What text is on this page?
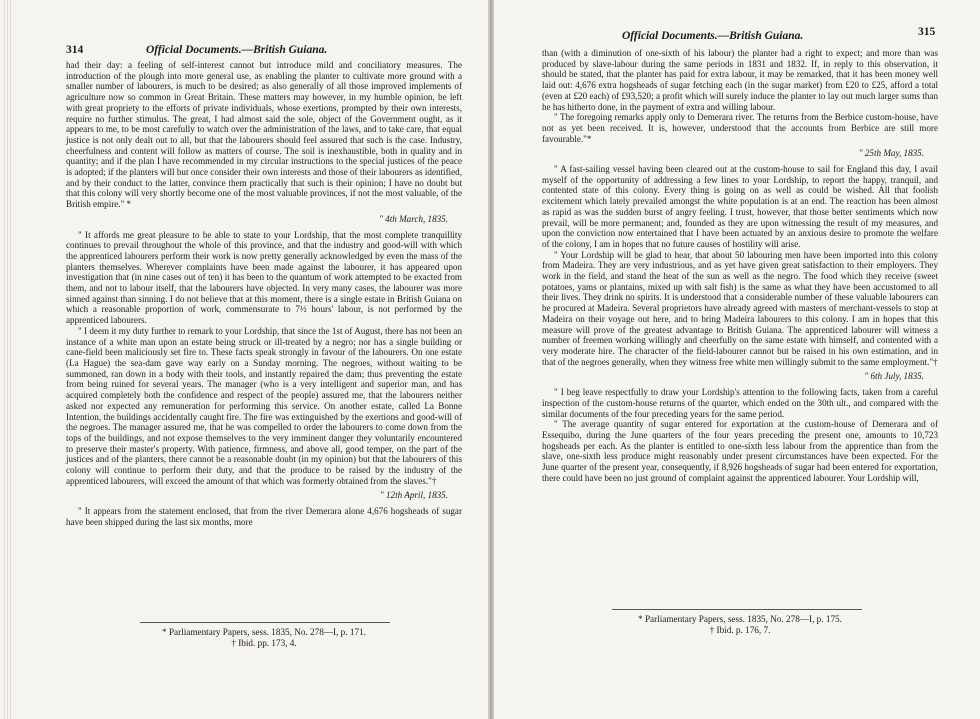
314	Official Documents.—British Guiana.

had their day: a feeling of self-interest cannot but introduce mild and conciliatory measures. The introduction of the plough into more general use, as enabling the planter to cultivate more ground with a smaller number of labourers, is much to be desired; as also generally of all those improved implements of agriculture now so common in Great Britain. These matters may however, in my humble opinion, be left with great propriety to the efforts of private individuals, whose exertions, prompted by their own interests, require no further stimulus. The great, I had almost said the sole, object of the Government ought, as it appears to me, to be most carefully to watch over the administration of the laws, and to take care, that equal justice is not only dealt out to all, but that the labourers should feel assured that such is the case. Industry, cheerfulness and content will follow as matters of course. The soil is inexhaustible, both in quality and in quantity; and if the plan I have recommended in my circular instructions to the special justices of the peace is adopted; if the planters will but once consider their own interests and those of their labourers as identified, and by their conduct to the latter, convince them practically that such is their opinion; I have no doubt but that this colony will very shortly become one of the most valuable provinces, if not the most valuable, of the British empire." *

" 4th March, 1835.

" It affords me great pleasure to be able to state to your Lordship, that the most complete tranquillity continues to prevail throughout the whole of this province, and that the industry and good-will with which the apprenticed labourers perform their work is now pretty generally acknowledged by even the mass of the planters themselves. Wherever complaints have been made against the labourer, it has appeared upon investigation that (in nine cases out of ten) it has been to the quantum of work attempted to be exacted from them, and not to labour itself, that the labourers have objected. In very many cases, the labourer was more sinned against than sinning. I do not believe that at this moment, there is a single estate in British Guiana on which a reasonable proportion of work, commensurate to 7½ hours' labour, is not performed by the apprenticed labourers.

" I deem it my duty further to remark to your Lordship, that since the 1st of August, there has not been an instance of a white man upon an estate being struck or ill-treated by a negro; nor has a single building or cane-field been maliciously set fire to. These facts speak strongly in favour of the labourers. On one estate (La Hague) the sea-dam gave way early on a Sunday morning. The negroes, without waiting to be summoned, ran down in a body with their tools, and instantly repaired the dam; thus preventing the estate from being ruined for several years. The manager (who is a very intelligent and superior man, and has acquired completely both the confidence and respect of the people) assured me, that the labourers neither asked nor expected any remuneration for performing this service. On another estate, called La Bonne Intention, the buildings accidentally caught fire. The fire was extinguished by the exertions and good-will of the negroes. The manager assured me, that he was compelled to order the labourers to come down from the tops of the buildings, and not expose themselves to the very imminent danger they voluntarily encountered to preserve their master's property. With patience, firmness, and above all, good temper, on the part of the justices and of the planters, there cannot be a reasonable doubt (in my opinion) but that the labourers of this colony will continue to perform their duty, and that the produce to be raised by the industry of the apprenticed labourers, will exceed the amount of that which was formerly obtained from the slaves."†

" 12th April, 1835.

" It appears from the statement enclosed, that from the river Demerara alone 4,676 hogsheads of sugar have been shipped during the last six months, more

* Parliamentary Papers, sess. 1835, No. 278—I, p. 171.
† Ibid. pp. 173, 4.
Official Documents.—British Guiana.	315

than (with a diminution of one-sixth of his labour) the planter had a right to expect; and more than was produced by slave-labour during the same periods in 1831 and 1832. If, in reply to this observation, it should be stated, that the planter has paid for extra labour, it may be remarked, that it has been money well laid out: 4,676 extra hogsheads of sugar fetching each (in the sugar market) from £20 to £25, afford a total (even at £20 each) of £93,520; a profit which will surely induce the planter to lay out much larger sums than he has hitherto done, in the payment of extra and willing labour.

" The foregoing remarks apply only to Demerara river. The returns from the Berbice custom-house, have not as yet been received. It is, however, understood that the accounts from Berbice are still more favourable."*

" 25th May, 1835.

" A fast-sailing vessel having been cleared out at the custom-house to sail for England this day, I avail myself of the opportunity of addressing a few lines to your Lordship, to report the happy, tranquil, and contented state of this colony. Every thing is going on as well as could be wished. All that foolish excitement which lately prevailed amongst the white population is at an end. The reaction has been almost as rapid as was the sudden burst of angry feeling. I trust, however, that those better sentiments which now prevail, will be more permanent; and, founded as they are upon witnessing the result of my measures, and upon the conviction now entertained that I have been actuated by an anxious desire to promote the welfare of the colony, I am in hopes that no future causes of hostility will arise.

" Your Lordship will be glad to hear, that about 50 labouring men have been imported into this colony from Madeira. They are very industrious, and as yet have given great satisfaction to their employers. They work in the field, and stand the heat of the sun as well as the negro. The food which they receive (sweet potatoes, yams or plantains, mixed up with salt fish) is the same as what they have been accustomed to all their lives. They drink no spirits. It is understood that a considerable number of these valuable labourers can be procured at Madeira. Several proprietors have already agreed with masters of merchant-vessels to stop at Madeira on their voyage out here, and to bring Madeira labourers to this colony. I am in hopes that this measure will prove of the greatest advantage to British Guiana. The apprenticed labourer will witness a number of freemen working willingly and cheerfully on the same estate with himself, and contented with a very moderate hire. The character of the field-labourer cannot but be raised in his own estimation, and in that of the negroes generally, when they witness free white men willingly submit to the same employment."†

" 6th July, 1835.

" I beg leave respectfully to draw your Lordship's attention to the following facts, taken from a careful inspection of the custom-house returns of the quarter, which ended on the 30th ult., and compared with the similar documents of the four preceding years for the same period.

" The average quantity of sugar entered for exportation at the custom-house of Demerara and of Essequibo, during the June quarters of the four years preceding the present one, amounts to 10,723 hogsheads per each. As the planter is entitled to one-sixth less labour from the apprentice than from the slave, one-sixth less produce might reasonably under present circumstances have been expected. For the June quarter of the present year, consequently, if 8,926 hogsheads of sugar had been entered for exportation, there could have been no just ground of complaint against the apprenticed labourer. Your Lordship will,

* Parliamentary Papers, sess. 1835, No. 278—I, p. 175.
† Ibid. p. 176, 7.
